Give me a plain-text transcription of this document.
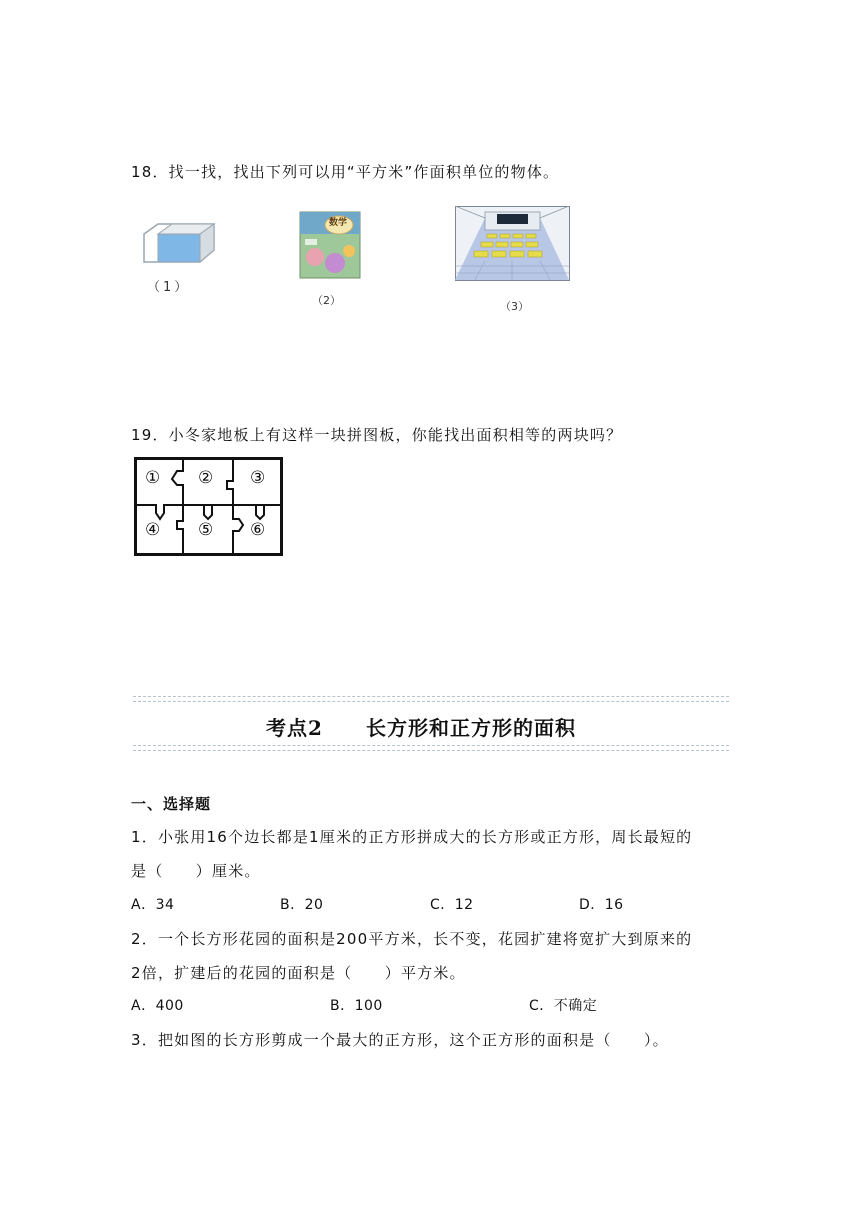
18．找一找，找出下列可以用“平方米”作面积单位的物体。
（1）
数学
（2）	（3）
19．小冬家地板上有这样一块拼图板，你能找出面积相等的两块吗？
① ② ③
④ ⑤ ⑥
考点2 长方形和正方形的面积
一、选择题
1．小张用16个边长都是1厘米的正方形拼成大的长方形或正方形，周长最短的
是（　　）厘米。
A．34	B．20	C．12	D．16
2．一个长方形花园的面积是200平方米，长不变，花园扩建将宽扩大到原来的
2倍，扩建后的花园的面积是（　　）平方米。
A．400	B．100	C．不确定
3．把如图的长方形剪成一个最大的正方形，这个正方形的面积是（　　）。
